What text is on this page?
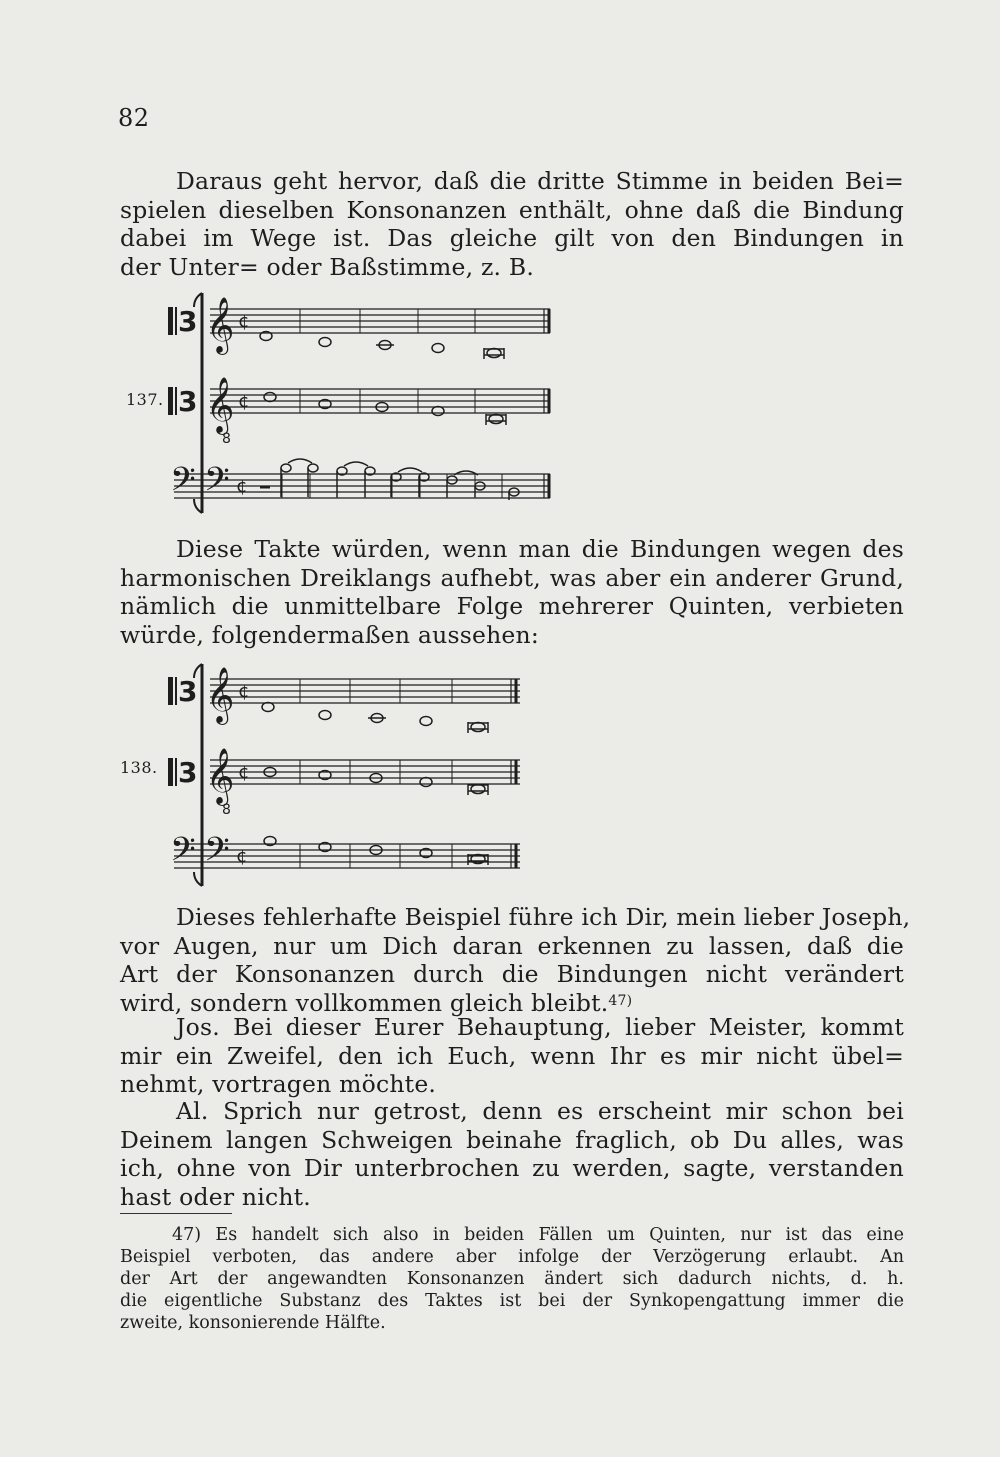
82
Daraus geht hervor, daß die dritte Stimme in beiden Bei=
spielen dieselben Konsonanzen enthält, ohne daß die Bindung
dabei im Wege ist. Das gleiche gilt von den Bindungen in
der Unter= oder Baßstimme, z. B.
137.
3 𝄞 ¢
3 𝄞
8
¢
𝄢 𝄢 ¢
Diese Takte würden, wenn man die Bindungen wegen des
harmonischen Dreiklangs aufhebt, was aber ein anderer Grund,
nämlich die unmittelbare Folge mehrerer Quinten, verbieten
würde, folgendermaßen aussehen:
138.
3 𝄞 ¢
3 𝄞
8
¢
𝄢 𝄢 ¢
Dieses fehlerhafte Beispiel führe ich Dir, mein lieber Joseph,
vor Augen, nur um Dich daran erkennen zu lassen, daß die
Art der Konsonanzen durch die Bindungen nicht verändert
wird, sondern vollkommen gleich bleibt.$^{47)}$
Jos. Bei dieser Eurer Behauptung, lieber Meister, kommt
mir ein Zweifel, den ich Euch, wenn Ihr es mir nicht übel=
nehmt, vortragen möchte.
Al. Sprich nur getrost, denn es erscheint mir schon bei
Deinem langen Schweigen beinahe fraglich, ob Du alles, was
ich, ohne von Dir unterbrochen zu werden, sagte, verstanden
hast oder nicht.
47) Es handelt sich also in beiden Fällen um Quinten, nur ist das eine
Beispiel verboten, das andere aber infolge der Verzögerung erlaubt. An
der Art der angewandten Konsonanzen ändert sich dadurch nichts, d. h.
die eigentliche Substanz des Taktes ist bei der Synkopengattung immer die
zweite, konsonierende Hälfte.
